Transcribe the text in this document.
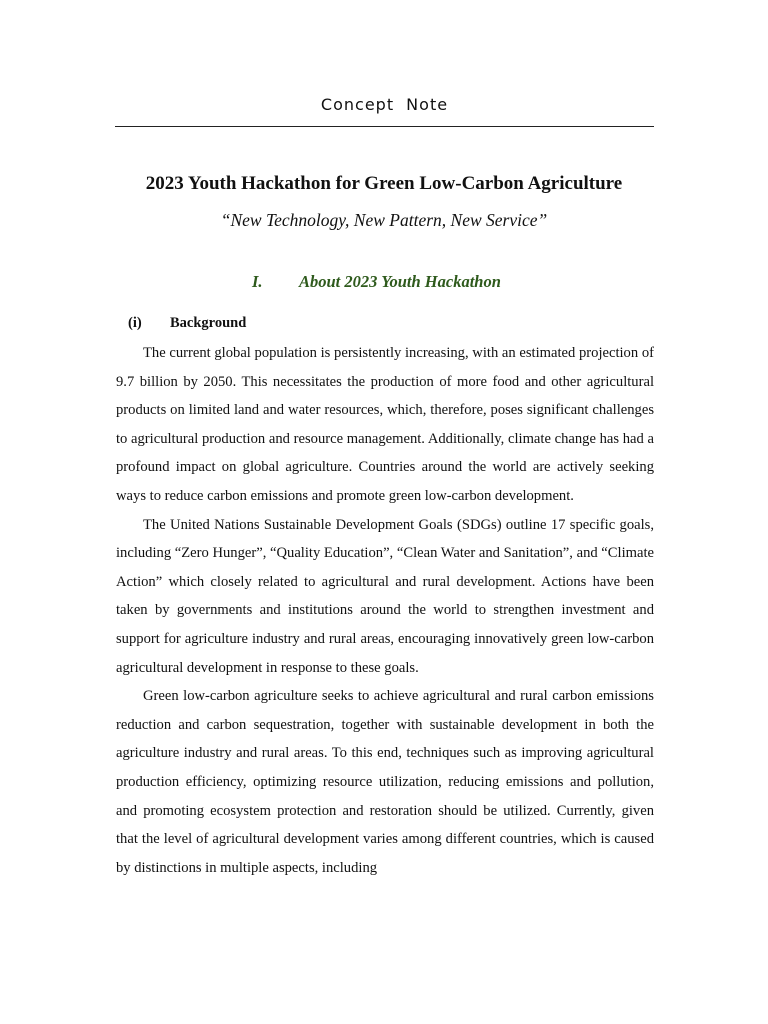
Concept Note
2023 Youth Hackathon for Green Low-Carbon Agriculture
“New Technology, New Pattern, New Service”
I. About 2023 Youth Hackathon
(i) Background

The current global population is persistently increasing, with an estimated projection of 9.7 billion by 2050. This necessitates the production of more food and other agricultural products on limited land and water resources, which, therefore, poses significant challenges to agricultural production and resource management. Additionally, climate change has had a profound impact on global agriculture. Countries around the world are actively seeking ways to reduce carbon emissions and promote green low-carbon development.

The United Nations Sustainable Development Goals (SDGs) outline 17 specific goals, including “Zero Hunger”, “Quality Education”, “Clean Water and Sanitation”, and “Climate Action” which closely related to agricultural and rural development. Actions have been taken by governments and institutions around the world to strengthen investment and support for agriculture industry and rural areas, encouraging innovatively green low-carbon agricultural development in response to these goals.

Green low-carbon agriculture seeks to achieve agricultural and rural carbon emissions reduction and carbon sequestration, together with sustainable development in both the agriculture industry and rural areas. To this end, techniques such as improving agricultural production efficiency, optimizing resource utilization, reducing emissions and pollution, and promoting ecosystem protection and restoration should be utilized. Currently, given that the level of agricultural development varies among different countries, which is caused by distinctions in multiple aspects, including
